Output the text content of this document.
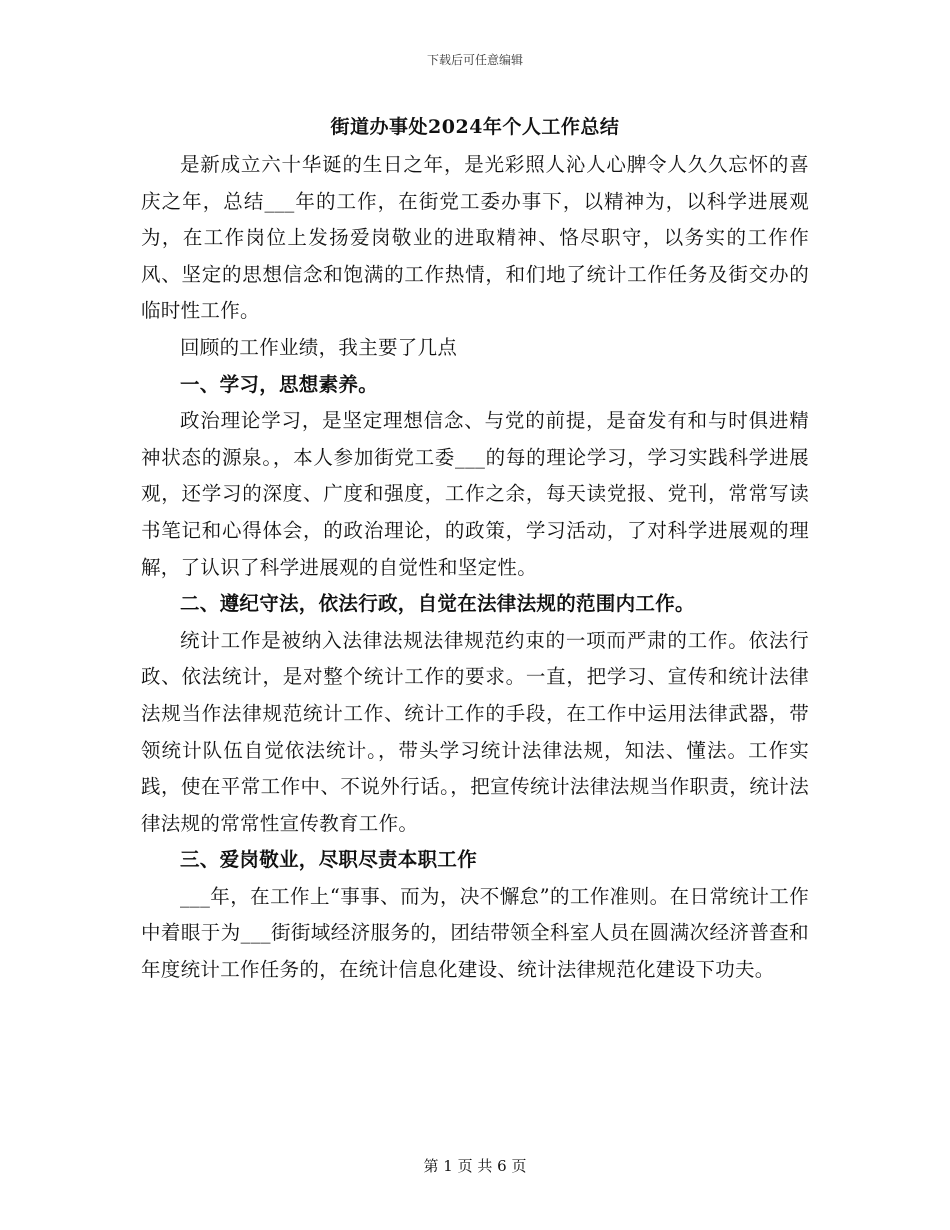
下载后可任意编辑
街道办事处2024年个人工作总结

是新成立六十华诞的生日之年，是光彩照人沁人心脾令人久久忘怀的喜庆之年，总结___年的工作，在街党工委办事下，以精神为，以科学进展观为，在工作岗位上发扬爱岗敬业的进取精神、恪尽职守，以务实的工作作风、坚定的思想信念和饱满的工作热情，和们地了统计工作任务及街交办的临时性工作。

回顾的工作业绩，我主要了几点

一、学习，思想素养。

政治理论学习，是坚定理想信念、与党的前提，是奋发有和与时俱进精神状态的源泉。，本人参加街党工委___的每的理论学习，学习实践科学进展观，还学习的深度、广度和强度，工作之余，每天读党报、党刊，常常写读书笔记和心得体会，的政治理论，的政策，学习活动，了对科学进展观的理解，了认识了科学进展观的自觉性和坚定性。

二、遵纪守法，依法行政，自觉在法律法规的范围内工作。

统计工作是被纳入法律法规法律规范约束的一项而严肃的工作。依法行政、依法统计，是对整个统计工作的要求。一直，把学习、宣传和统计法律法规当作法律规范统计工作、统计工作的手段，在工作中运用法律武器，带领统计队伍自觉依法统计。，带头学习统计法律法规，知法、懂法。工作实践，使在平常工作中、不说外行话。，把宣传统计法律法规当作职责，统计法律法规的常常性宣传教育工作。

三、爱岗敬业，尽职尽责本职工作

___年，在工作上“事事、而为，决不懈怠”的工作准则。在日常统计工作中着眼于为___街街域经济服务的，团结带领全科室人员在圆满次经济普查和年度统计工作任务的，在统计信息化建设、统计法律规范化建设下功夫。

第 1 页 共 6 页
